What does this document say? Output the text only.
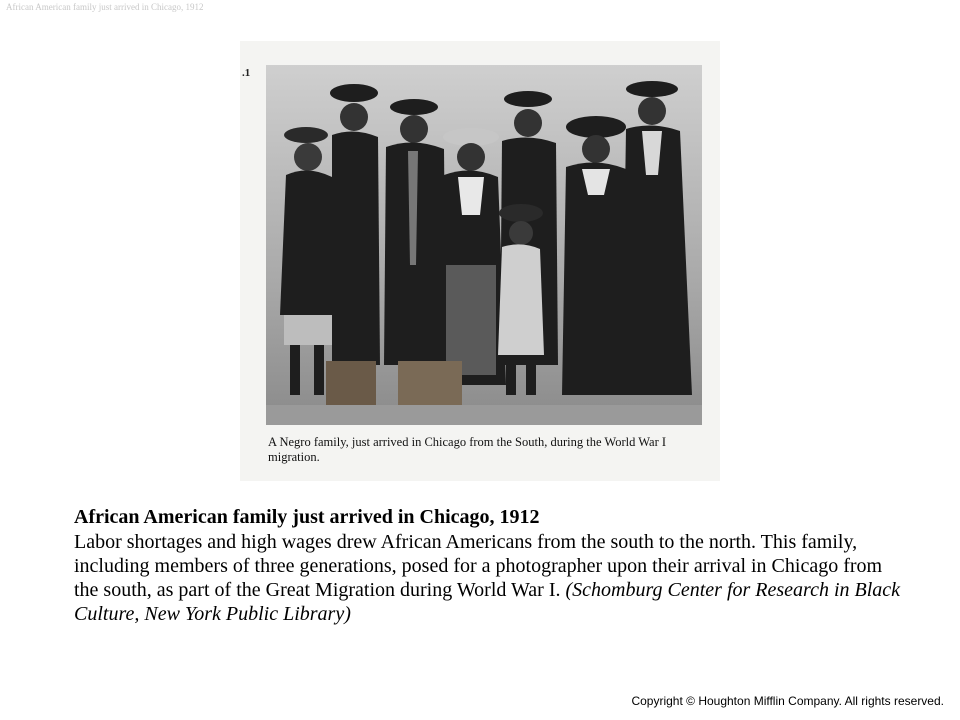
African American family just arrived in Chicago, 1912
.1
A Negro family, just arrived in Chicago from the South, during the World War I migration.

African American family just arrived in Chicago, 1912

Labor shortages and high wages drew African Americans from the south to the north. This family, including members of three generations, posed for a photographer upon their arrival in Chicago from the south, as part of the Great Migration during World War I. (Schomburg Center for Research in Black Culture, New York Public Library)

Copyright © Houghton Mifflin Company. All rights reserved.
